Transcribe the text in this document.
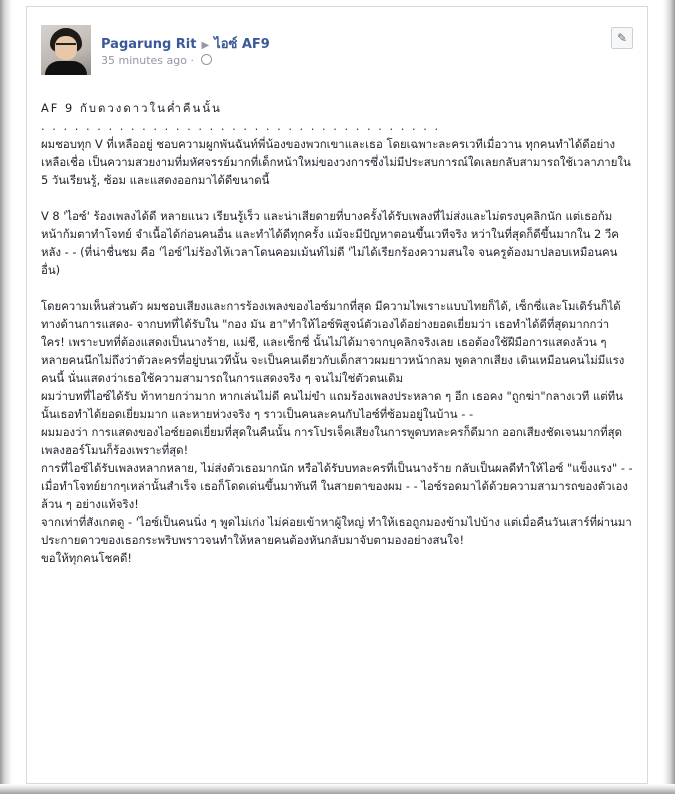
Pagarung Rit ▶ ไอซ์ AF9
35 minutes ago ·
✎

AF 9 กับดวงดาวในค่ำคืนนั้น

. . . . . . . . . . . . . . . . . . . . . . . . . . . . . . . . . . . .

ผมชอบทุก V ที่เหลืออยู่ ชอบความผูกพันฉันท์พี่น้องของพวกเขาและเธอ โดยเฉพาะละครเวทีเมื่อวาน ทุกคนทำได้ดีอย่างเหลือเชื่อ เป็นความสวยงามที่มหัศจรรย์มากที่เด็กหน้าใหม่ของวงการซึ่งไม่มีประสบการณ์ใดเลยกลับสามารถใช้เวลาภายใน 5 วันเรียนรู้, ซ้อม และแสดงออกมาได้ดีขนาดนี้

V 8 'ไอซ์' ร้องเพลงได้ดี หลายแนว เรียนรู้เร็ว และน่าเสียดายที่บางครั้งได้รับเพลงที่ไม่ส่งและไม่ตรงบุคลิกนัก แต่เธอก้มหน้าก้มตาทำโจทย์ จำเนื้อได้ก่อนคนอื่น และทำได้ดีทุกครั้ง แม้จะมีปัญหาตอนขึ้นเวทีจริง หว่าในที่สุดก็ดีขึ้นมากใน 2 วีคหลัง - - (ที่น่าชื่นชม คือ 'ไอซ์'ไม่ร้องไห้เวลาโดนคอมเม้นท์ไม่ดี 'ไม่ได้เรียกร้องความสนใจ จนครูต้องมาปลอบเหมือนคนอื่น)

โดยความเห็นส่วนตัว ผมชอบเสียงและการร้องเพลงของไอซ์มากที่สุด มีความไพเราะแบบไทยก็ได้, เซ็กซี่และโมเดิร์นก็ได้

ทางด้านการแสดง- จากบทที่ได้รับใน "กอง มัน ฮา"ทำให้ไอซ์พิสูจน์ตัวเองได้อย่างยอดเยี่ยมว่า เธอทำได้ดีที่สุดมากกว่าใคร! เพราะบทที่ต้องแสดงเป็นนางร้าย, แม่ชี, และเซ็กซี่ นั้นไม่ได้มาจากบุคลิกจริงเลย เธอต้องใช้ฝีมือการแสดงล้วน ๆ

หลายคนนึกไม่ถึงว่าตัวละครที่อยู่บนเวทีนั้น จะเป็นคนเดียวกับเด็กสาวผมยาวหน้ากลม พูดลากเสียง เดินเหมือนคนไม่มีแรงคนนี้ นั่นแสดงว่าเธอใช้ความสามารถในการแสดงจริง ๆ จนไม่ใช่ตัวตนเดิม

ผมว่าบทที่ไอซ์ได้รับ ท้าทายกว่ามาก หากเล่นไม่ดี คนไม่ขำ แถมร้องเพลงประหลาด ๆ อีก เธอคง "ถูกฆ่า"กลางเวที แต่ทีนนั้นเธอทำได้ยอดเยี่ยมมาก และหายห่วงจริง ๆ ราวเป็นคนละคนกับไอซ์ที่ซ้อมอยู่ในบ้าน - -

ผมมองว่า การแสดงของไอซ์ยอดเยี่ยมที่สุดในคืนนั้น การโปรเจ็คเสียงในการพูดบทละครก็ดีมาก ออกเสียงชัดเจนมากที่สุด เพลงฮอร์โมนก็ร้องเพราะที่สุด!

การที่ไอซ์ได้รับเพลงหลากหลาย, ไม่ส่งตัวเธอมากนัก หรือได้รับบทละครที่เป็นนางร้าย กลับเป็นผลดีทำให้ไอซ์ "แข็งแรง" - - เมื่อทำโจทย์ยากๆเหล่านั้นสำเร็จ เธอก็โดดเด่นขึ้นมาทันที ในสายตาของผม - - ไอซ์รอดมาได้ด้วยความสามารถของตัวเองล้วน ๆ อย่างแท้จริง!

จากเท่าที่สังเกตดู - 'ไอซ์เป็นคนนิ่ง ๆ พูดไม่เก่ง ไม่ค่อยเข้าหาผู้ใหญ่ ทำให้เธอถูกมองข้ามไปบ้าง แต่เมื่อคืนวันเสาร์ที่ผ่านมา ประกายดาวของเธอกระพริบพราวจนทำให้หลายคนต้องหันกลับมาจับตามองอย่างสนใจ!

ขอให้ทุกคนโชคดี!
